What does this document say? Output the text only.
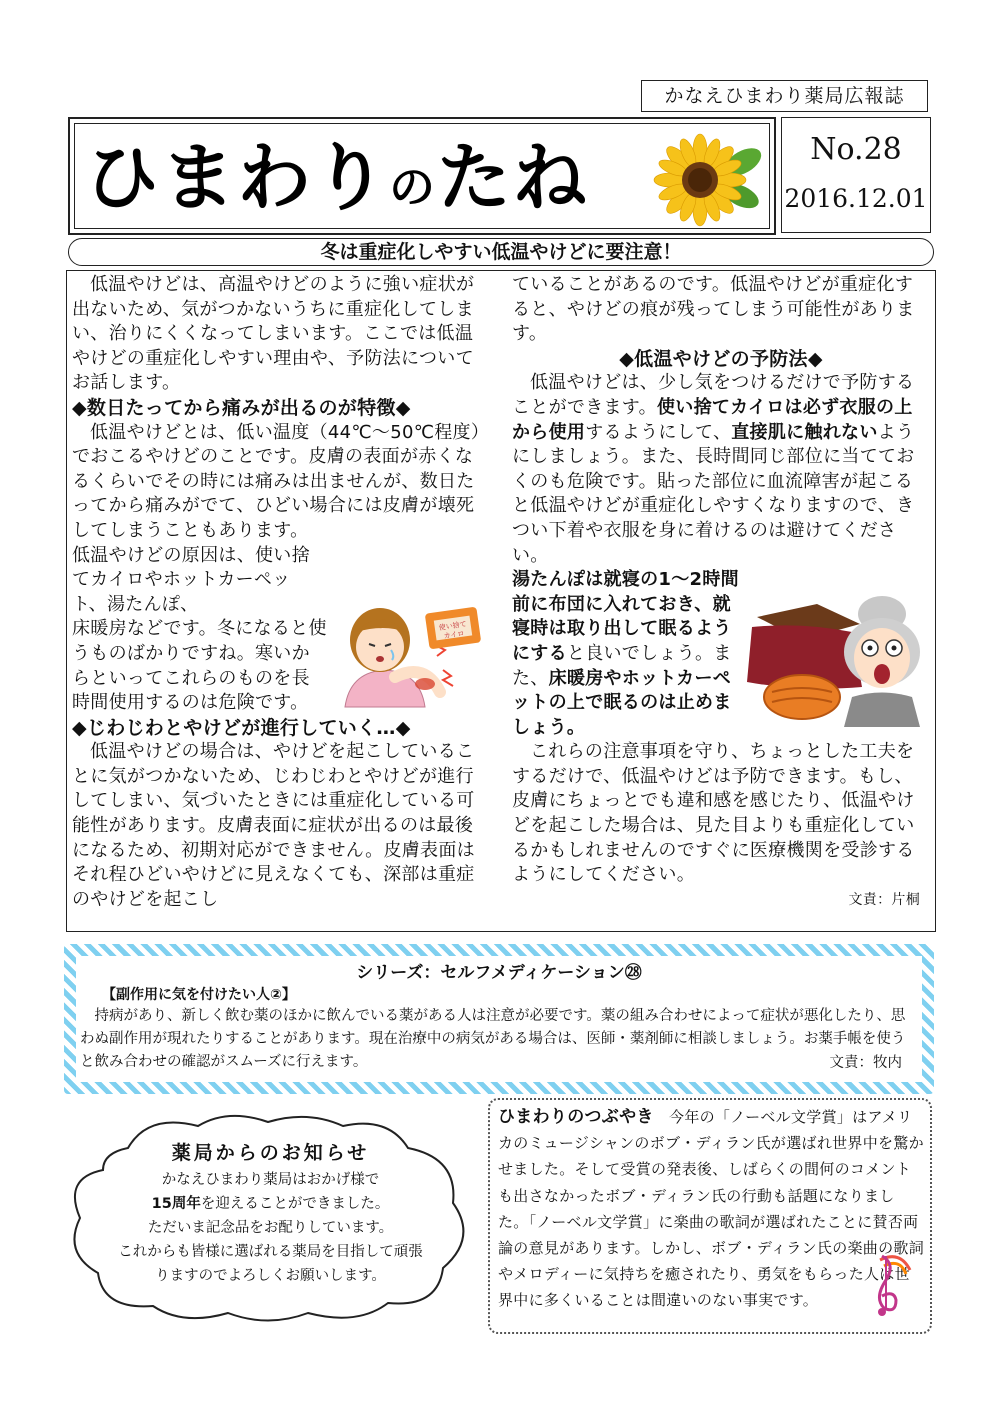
かなえひまわり薬局広報誌
ひまわりのたね	No.28
2016.12.01
冬は重症化しやすい低温やけどに要注意！

低温やけどは、高温やけどのように強い症状が出ないため、気がつかないうちに重症化してしまい、治りにくくなってしまいます。ここでは低温やけどの重症化しやすい理由や、予防法についてお話します。

◆数日たってから痛みが出るのが特徴◆

低温やけどとは、低い温度（44℃～50℃程度）でおこるやけどのことです。皮膚の表面が赤くなるくらいでその時には痛みは出ませんが、数日たってから痛みがでて、ひどい場合には皮膚が壊死してしまうこともあります。

低温やけどの原因は、使い捨てカイロやホットカーペット、湯たんぽ、

床暖房などです。冬になると使うものばかりですね。寒いからといってこれらのものを長時間使用するのは危険です。

◆じわじわとやけどが進行していく…◆

低温やけどの場合は、やけどを起こしていることに気がつかないため、じわじわとやけどが進行してしまい、気づいたときには重症化している可能性があります。皮膚表面に症状が出るのは最後になるため、初期対応ができません。皮膚表面はそれ程ひどいやけどに見えなくても、深部は重症のやけどを起こし

使い捨て
カイロ

ていることがあるのです。低温やけどが重症化すると、やけどの痕が残ってしまう可能性があります。

◆低温やけどの予防法◆

低温やけどは、少し気をつけるだけで予防することができます。使い捨てカイロは必ず衣服の上から使用するようにして、直接肌に触れないようにしましょう。また、長時間同じ部位に当てておくのも危険です。貼った部位に血流障害が起こると低温やけどが重症化しやすくなりますので、きつい下着や衣服を身に着けるのは避けてください。

湯たんぽは就寝の1～2時間前に布団に入れておき、就寝時は取り出して眠るようにすると良いでしょう。また、床暖房やホットカーペットの上で眠るのは止めましょう。

これらの注意事項を守り、ちょっとした工夫をするだけで、低温やけどは予防できます。もし、皮膚にちょっとでも違和感を感じたり、低温やけどを起こした場合は、見た目よりも重症化しているかもしれませんのですぐに医療機関を受診するようにしてください。

文責：片桐

シリーズ：セルフメディケーション㉘
【副作用に気を付けたい人②】

持病があり、新しく飲む薬のほかに飲んでいる薬がある人は注意が必要です。薬の組み合わせによって症状が悪化したり、思わぬ副作用が現れたりすることがあります。現在治療中の病気がある場合は、医師・薬剤師に相談しましょう。お薬手帳を使うと飲み合わせの確認がスムーズに行えます。	文責：牧内
薬局からのお知らせ
かなえひまわり薬局はおかげ様で
15周年を迎えることができました。
ただいま記念品をお配りしています。
これからも皆様に選ばれる薬局を目指して頑張
りますのでよろしくお願いします。

ひまわりのつぶやき　 今年の「ノーベル文学賞」はアメリカのミュージシャンのボブ・ディラン氏が選ばれ世界中を驚かせました。そして受賞の発表後、しばらくの間何のコメントも出さなかったボブ・ディラン氏の行動も話題になりました。「ノーベル文学賞」に楽曲の歌詞が選ばれたことに賛否両論の意見があります。しかし、ボブ・ディラン氏の楽曲の歌詞やメロディーに気持ちを癒されたり、勇気をもらった人は世界中に多くいることは間違いのない事実です。
